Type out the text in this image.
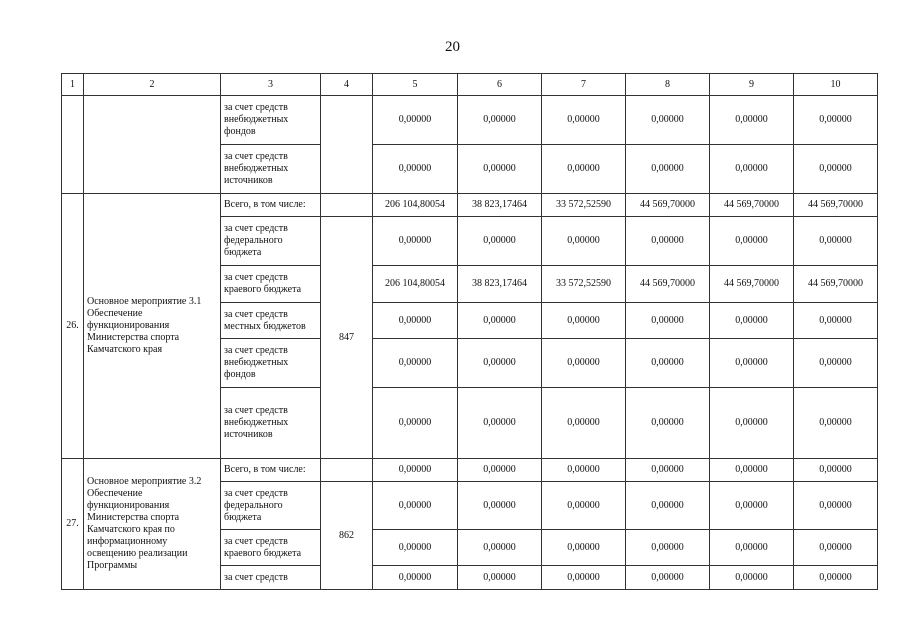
20
1	2	3	4	5	6	7	8	9	10
		за счет средств внебюджетных фондов		0,00000	0,00000	0,00000	0,00000	0,00000	0,00000
		за счет средств внебюджетных источников		0,00000	0,00000	0,00000	0,00000	0,00000	0,00000
26.	Основное мероприятие 3.1 Обеспечение функционирования Министерства спорта Камчатского края	Всего, в том числе:		206 104,80054	38 823,17464	33 572,52590	44 569,70000	44 569,70000	44 569,70000
		за счет средств федерального бюджета	847	0,00000	0,00000	0,00000	0,00000	0,00000	0,00000
		за счет средств краевого бюджета		206 104,80054	38 823,17464	33 572,52590	44 569,70000	44 569,70000	44 569,70000
		за счет средств местных бюджетов		0,00000	0,00000	0,00000	0,00000	0,00000	0,00000
		за счет средств внебюджетных фондов		0,00000	0,00000	0,00000	0,00000	0,00000	0,00000
		за счет средств внебюджетных источников		0,00000	0,00000	0,00000	0,00000	0,00000	0,00000
27.	Основное мероприятие 3.2 Обеспечение функционирования Министерства спорта Камчатского края по информационному освещению реализации Программы	Всего, в том числе:		0,00000	0,00000	0,00000	0,00000	0,00000	0,00000
		за счет средств федерального бюджета	862	0,00000	0,00000	0,00000	0,00000	0,00000	0,00000
		за счет средств краевого бюджета		0,00000	0,00000	0,00000	0,00000	0,00000	0,00000
		за счет средств		0,00000	0,00000	0,00000	0,00000	0,00000	0,00000
